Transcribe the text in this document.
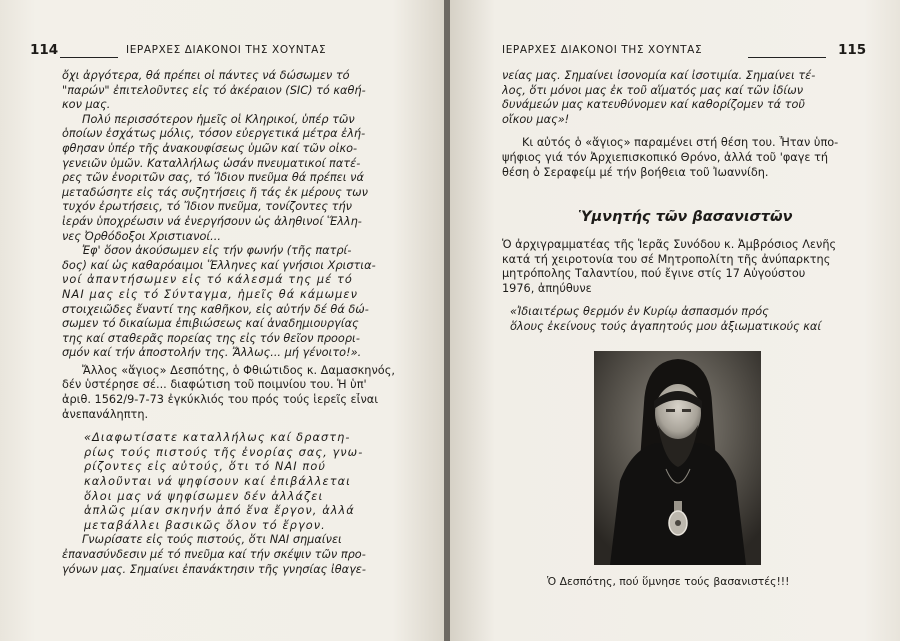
114	ΙΕΡΑΡΧΕΣ ΔΙΑΚΟΝΟΙ ΤΗΣ ΧΟΥΝΤΑΣ
ὄχι ἀργότερα, θά πρέπει οἱ πάντες νά δώσωμεν τό
"παρών" ἐπιτελοῦντες εἰς τό ἀκέραιον (SIC) τό καθή-
κον μας.
Πολύ περισσότερον ἡμεῖς οἱ Κληρικοί, ὑπέρ τῶν
ὁποίων ἐσχάτως μόλις, τόσον εὐεργετικά μέτρα ἐλή-
φθησαν ὑπέρ τῆς ἀνακουφίσεως ὑμῶν καί τῶν οἰκο-
γενειῶν ὑμῶν. Καταλλήλως ὡσάν πνευματικοί πατέ-
ρες τῶν ἐνοριτῶν σας, τό Ἴδιον πνεῦμα θά πρέπει νά
μεταδώσητε εἰς τάς συζητήσεις ἤ τάς ἐκ μέρους των
τυχόν ἐρωτήσεις, τό Ἴδιον πνεῦμα, τονίζοντες τήν
ἱεράν ὑποχρέωσιν νά ἐνεργήσουν ὡς ἀληθινοί Ἕλλη-
νες Ὀρθόδοξοι Χριστιανοί...
Ἐφ' ὅσον ἀκούσωμεν εἰς τήν φωνήν (τῆς πατρί-
δος) καί ὡς καθαρόαιμοι Ἕλληνες καί γνήσιοι Χριστια-
νοί ἀπαντήσωμεν εἰς τό κάλεσμά της μέ τό
ΝΑΙ μας εἰς τό Σύνταγμα, ἡμεῖς θά κάμωμεν
στοιχειῶδες ἔναντί της καθῆκον, εἰς αὐτήν δέ θά δώ-
σωμεν τό δικαίωμα ἐπιβιώσεως καί ἀναδημιουργίας
της καί σταθερᾶς πορείας της εἰς τόν θεῖον προορι-
σμόν καί τήν ἀποστολήν της. Ἄλλως... μή γένοιτο!».
Ἄλλος «ἅγιος» Δεσπότης, ὁ Φθιώτιδος κ. Δαμασκηνός,
δέν ὑστέρησε σέ... διαφώτιση τοῦ ποιμνίου του. Ἡ ὑπ'
ἀριθ. 1562/9-7-73 ἐγκύκλιός του πρός τούς ἱερεῖς εἶναι
ἀνεπανάληπτη.
«Διαφωτίσατε καταλλήλως καί δραστη-
ρίως τούς πιστούς τῆς ἐνορίας σας, γνω-
ρίζοντες εἰς αὐτούς, ὅτι τό ΝΑΙ πού
καλοῦνται νά ψηφίσουν καί ἐπιβάλλεται
ὅλοι μας νά ψηφίσωμεν δέν ἀλλάζει
ἁπλῶς μίαν σκηνήν ἀπό ἕνα ἔργον, ἀλλά
μεταβάλλει βασικῶς ὅλον τό ἔργον.
Γνωρίσατε εἰς τούς πιστούς, ὅτι ΝΑΙ σημαίνει
ἐπανασύνδεσιν μέ τό πνεῦμα καί τήν σκέψιν τῶν προ-
γόνων μας. Σημαίνει ἐπανάκτησιν τῆς γνησίας ἰθαγε-
ΙΕΡΑΡΧΕΣ ΔΙΑΚΟΝΟΙ ΤΗΣ ΧΟΥΝΤΑΣ	115
νείας μας. Σημαίνει ἰσονομία καί ἰσοτιμία. Σημαίνει τέ-
λος, ὅτι μόνοι μας ἐκ τοῦ αἵματός μας καί τῶν ἰδίων
δυνάμεών μας κατευθύνομεν καί καθορίζομεν τά τοῦ
οἴκου μας»!
Κι αὐτός ὁ «ἅγιος» παραμένει στή θέση του. Ἦταν ὑπο-
ψήφιος γιά τόν Ἀρχιεπισκοπικό Θρόνο, ἀλλά τοῦ 'φαγε τή
θέση ὁ Σεραφείμ μέ τήν βοήθεια τοῦ Ἰωαννίδη.
Ὑμνητής τῶν βασανιστῶν
Ὁ ἀρχιγραμματέας τῆς Ἱερᾶς Συνόδου κ. Ἀμβρόσιος Λενῆς
κατά τή χειροτονία του σέ Μητροπολίτη τῆς ἀνύπαρκτης
μητρόπολης Ταλαντίου, πού ἔγινε στίς 17 Αὐγούστου
1976, ἀπηύθυνε
«Ἰδιαιτέρως θερμόν ἐν Κυρίῳ ἀσπασμόν πρός
ὅλους ἐκείνους τούς ἀγαπητούς μου ἀξιωματικούς καί
Ὁ Δεσπότης, πού ὕμνησε τούς βασανιστές!!!
